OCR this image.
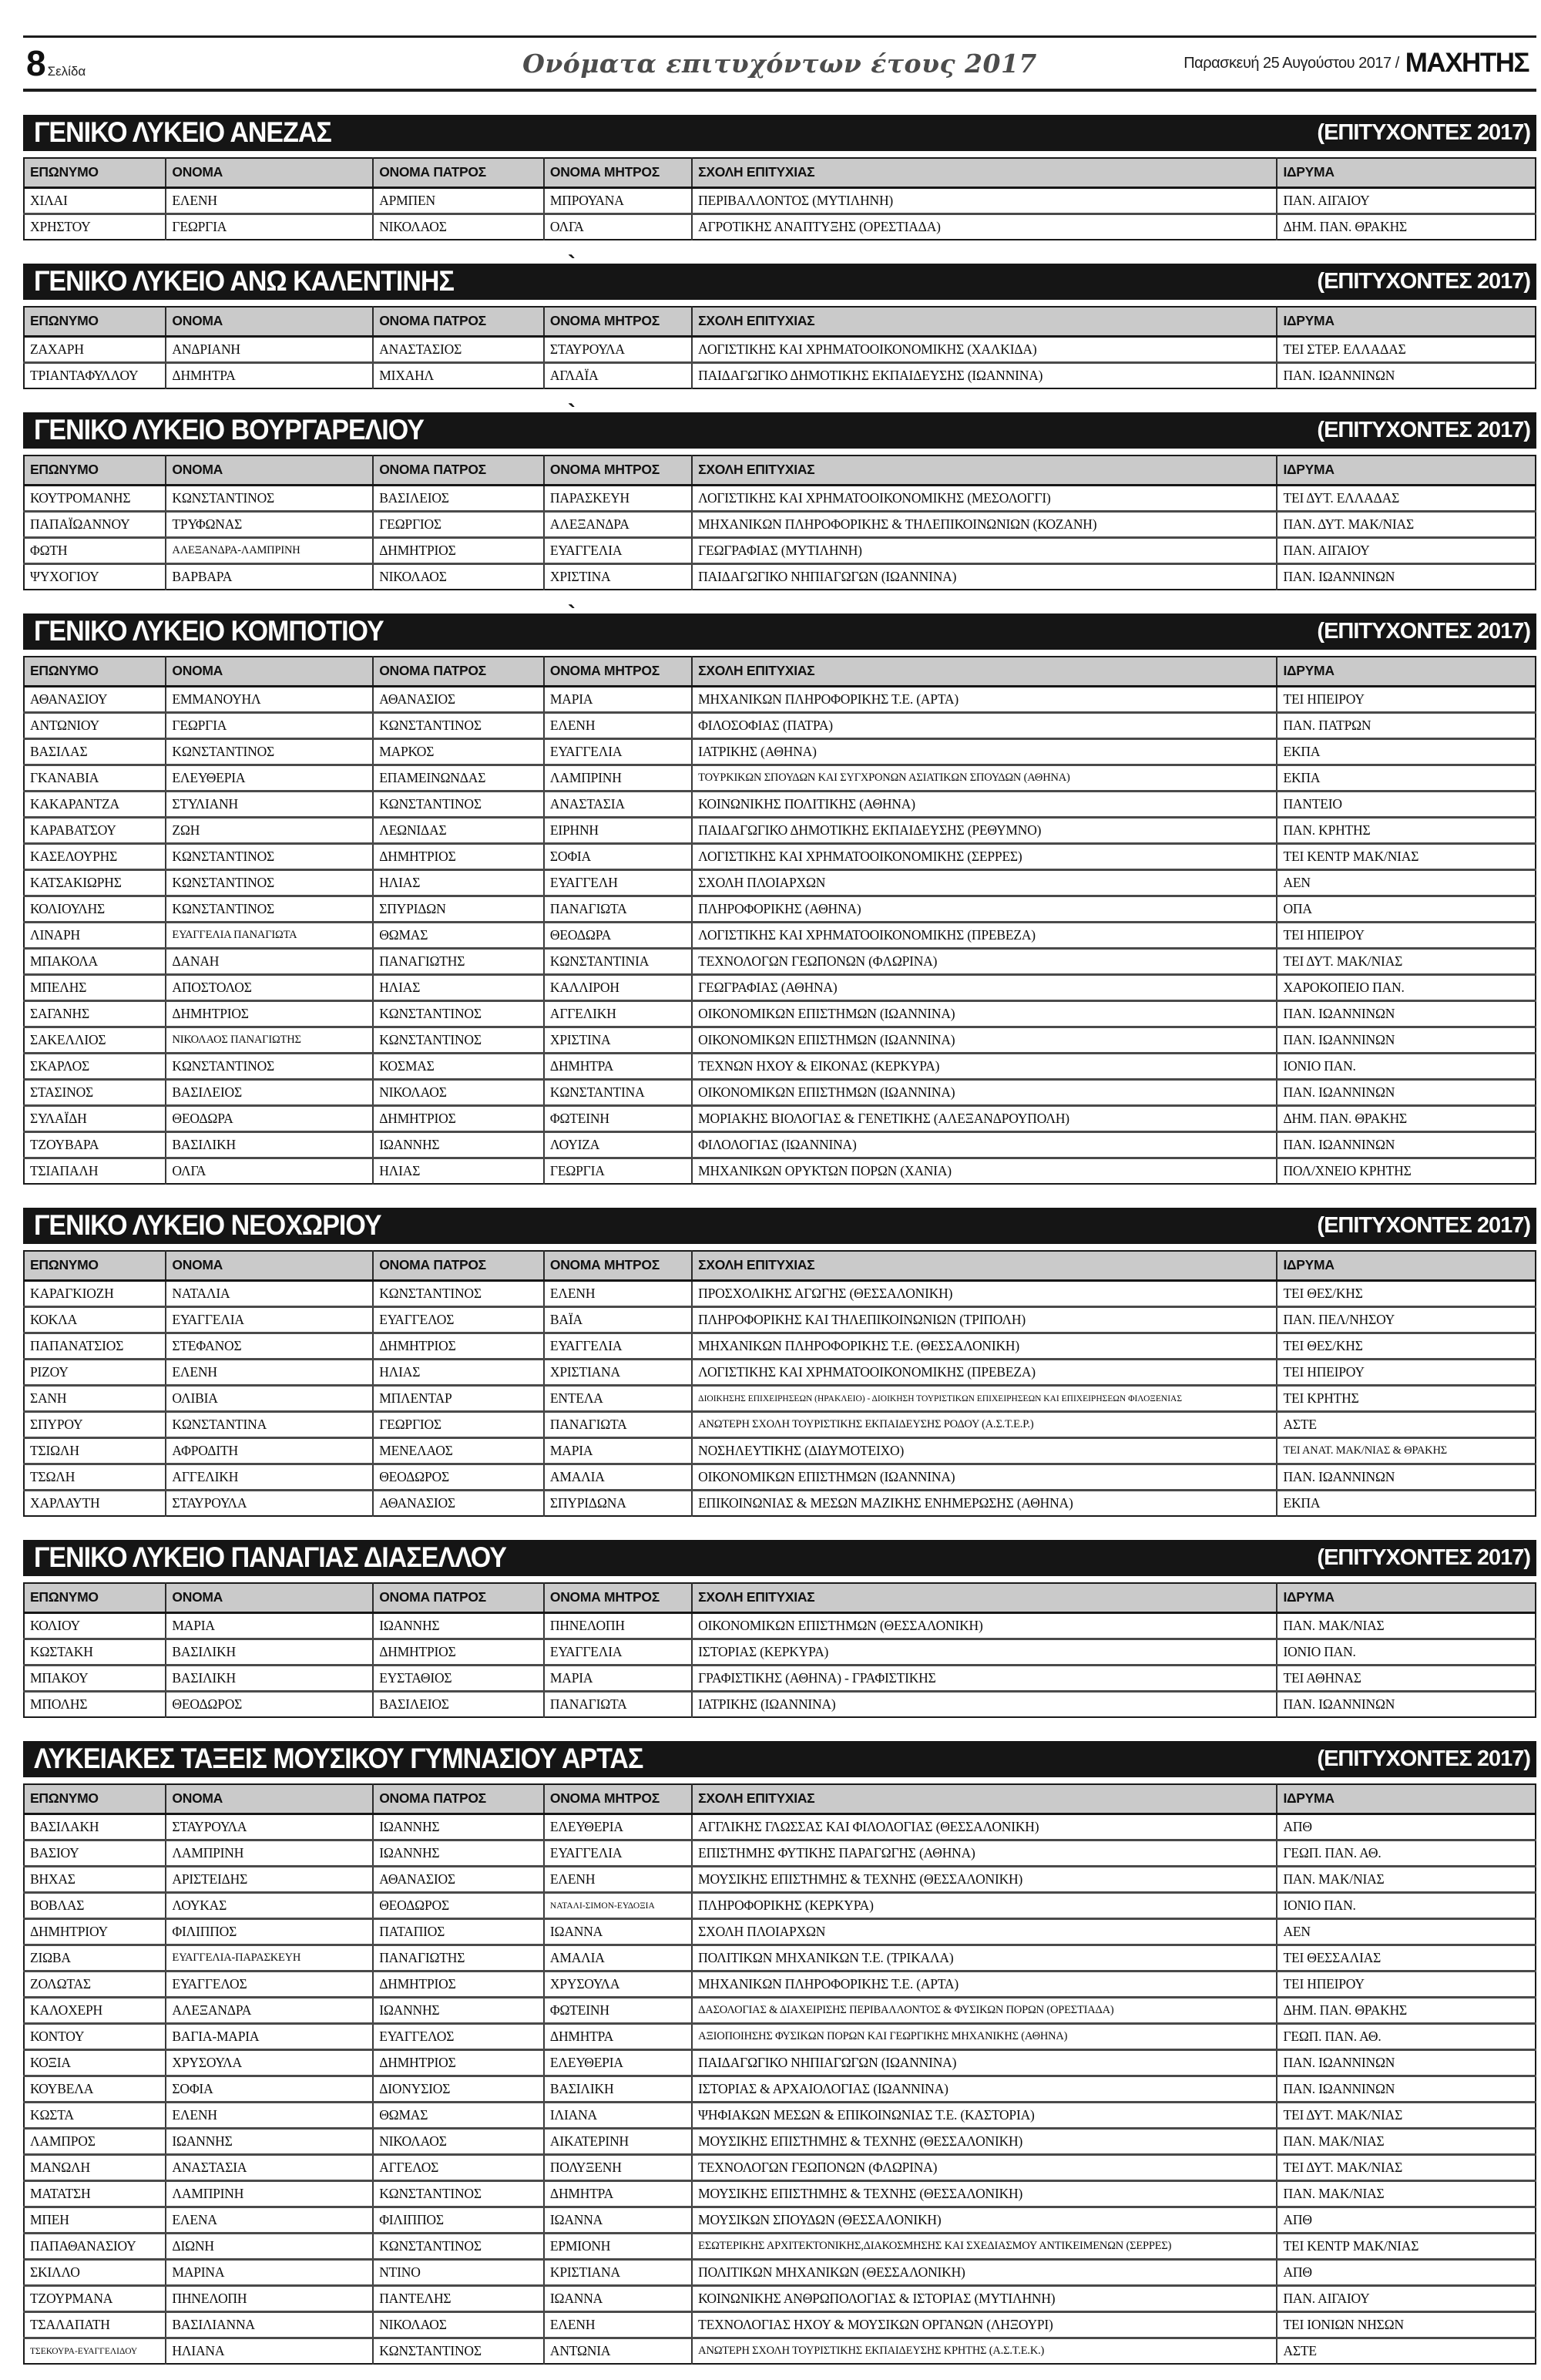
8 Σελίδα	Ονόματα επιτυχόντων έτους 2017	Παρασκευή 25 Αυγούστου 2017 / ΜΑΧΗΤΗΣ
ΓΕΝΙΚΟ ΛΥΚΕΙΟ ΑΝΕΖΑΣ	(ΕΠΙΤΥΧΟΝΤΕΣ 2017)
ΕΠΩΝΥΜΟ	ΟΝΟΜΑ	ΟΝΟΜΑ ΠΑΤΡΟΣ	ΟΝΟΜΑ ΜΗΤΡΟΣ	ΣΧΟΛΗ ΕΠΙΤΥΧΙΑΣ	ΙΔΡΥΜΑ
ΧΙΛΑΙ	ΕΛΕΝΗ	ΑΡΜΠΕΝ	ΜΠΡΟΥΑΝΑ	ΠΕΡΙΒΑΛΛΟΝΤΟΣ (ΜΥΤΙΛΗΝΗ)	ΠΑΝ. ΑΙΓΑΙΟΥ
ΧΡΗΣΤΟΥ	ΓΕΩΡΓΙΑ	ΝΙΚΟΛΑΟΣ	ΟΛΓΑ	ΑΓΡΟΤΙΚΗΣ ΑΝΑΠΤΥΞΗΣ (ΟΡΕΣΤΙΑΔΑ)	ΔΗΜ. ΠΑΝ. ΘΡΑΚΗΣ
`
ΓΕΝΙΚΟ ΛΥΚΕΙΟ ΑΝΩ ΚΑΛΕΝΤΙΝΗΣ	(ΕΠΙΤΥΧΟΝΤΕΣ 2017)
ΕΠΩΝΥΜΟ	ΟΝΟΜΑ	ΟΝΟΜΑ ΠΑΤΡΟΣ	ΟΝΟΜΑ ΜΗΤΡΟΣ	ΣΧΟΛΗ ΕΠΙΤΥΧΙΑΣ	ΙΔΡΥΜΑ
ΖΑΧΑΡΗ	ΑΝΔΡΙΑΝΗ	ΑΝΑΣΤΑΣΙΟΣ	ΣΤΑΥΡΟΥΛΑ	ΛΟΓΙΣΤΙΚΗΣ ΚΑΙ ΧΡΗΜΑΤΟΟΙΚΟΝΟΜΙΚΗΣ (ΧΑΛΚΙΔΑ)	ΤΕΙ ΣΤΕΡ. ΕΛΛΑΔΑΣ
ΤΡΙΑΝΤΑΦΥΛΛΟΥ	ΔΗΜΗΤΡΑ	ΜΙΧΑΗΛ	ΑΓΛΑΪΑ	ΠΑΙΔΑΓΩΓΙΚΟ ΔΗΜΟΤΙΚΗΣ ΕΚΠΑΙΔΕΥΣΗΣ (ΙΩΑΝΝΙΝΑ)	ΠΑΝ. ΙΩΑΝΝΙΝΩΝ
`
ΓΕΝΙΚΟ ΛΥΚΕΙΟ ΒΟΥΡΓΑΡΕΛΙΟΥ	(ΕΠΙΤΥΧΟΝΤΕΣ 2017)
ΕΠΩΝΥΜΟ	ΟΝΟΜΑ	ΟΝΟΜΑ ΠΑΤΡΟΣ	ΟΝΟΜΑ ΜΗΤΡΟΣ	ΣΧΟΛΗ ΕΠΙΤΥΧΙΑΣ	ΙΔΡΥΜΑ
ΚΟΥΤΡΟΜΑΝΗΣ	ΚΩΝΣΤΑΝΤΙΝΟΣ	ΒΑΣΙΛΕΙΟΣ	ΠΑΡΑΣΚΕΥΗ	ΛΟΓΙΣΤΙΚΗΣ ΚΑΙ ΧΡΗΜΑΤΟΟΙΚΟΝΟΜΙΚΗΣ (ΜΕΣΟΛΟΓΓΙ)	ΤΕΙ ΔΥΤ. ΕΛΛΑΔΑΣ
ΠΑΠΑΪΩΑΝΝΟΥ	ΤΡΥΦΩΝΑΣ	ΓΕΩΡΓΙΟΣ	ΑΛΕΞΑΝΔΡΑ	ΜΗΧΑΝΙΚΩΝ ΠΛΗΡΟΦΟΡΙΚΗΣ & ΤΗΛΕΠΙΚΟΙΝΩΝΙΩΝ (ΚΟΖΑΝΗ)	ΠΑΝ. ΔΥΤ. ΜΑΚ/ΝΙΑΣ
ΦΩΤΗ	ΑΛΕΞΑΝΔΡΑ-ΛΑΜΠΡΙΝΗ	ΔΗΜΗΤΡΙΟΣ	ΕΥΑΓΓΕΛΙΑ	ΓΕΩΓΡΑΦΙΑΣ (ΜΥΤΙΛΗΝΗ)	ΠΑΝ. ΑΙΓΑΙΟΥ
ΨΥΧΟΓΙΟΥ	ΒΑΡΒΑΡΑ	ΝΙΚΟΛΑΟΣ	ΧΡΙΣΤΙΝΑ	ΠΑΙΔΑΓΩΓΙΚΟ ΝΗΠΙΑΓΩΓΩΝ (ΙΩΑΝΝΙΝΑ)	ΠΑΝ. ΙΩΑΝΝΙΝΩΝ
`
ΓΕΝΙΚΟ ΛΥΚΕΙΟ ΚΟΜΠΟΤΙΟΥ	(ΕΠΙΤΥΧΟΝΤΕΣ 2017)
ΕΠΩΝΥΜΟ	ΟΝΟΜΑ	ΟΝΟΜΑ ΠΑΤΡΟΣ	ΟΝΟΜΑ ΜΗΤΡΟΣ	ΣΧΟΛΗ ΕΠΙΤΥΧΙΑΣ	ΙΔΡΥΜΑ
ΑΘΑΝΑΣΙΟΥ	ΕΜΜΑΝΟΥΗΛ	ΑΘΑΝΑΣΙΟΣ	ΜΑΡΙΑ	ΜΗΧΑΝΙΚΩΝ ΠΛΗΡΟΦΟΡΙΚΗΣ Τ.Ε. (ΑΡΤΑ)	ΤΕΙ ΗΠΕΙΡΟΥ
ΑΝΤΩΝΙΟΥ	ΓΕΩΡΓΙΑ	ΚΩΝΣΤΑΝΤΙΝΟΣ	ΕΛΕΝΗ	ΦΙΛΟΣΟΦΙΑΣ (ΠΑΤΡΑ)	ΠΑΝ. ΠΑΤΡΩΝ
ΒΑΣΙΛΑΣ	ΚΩΝΣΤΑΝΤΙΝΟΣ	ΜΑΡΚΟΣ	ΕΥΑΓΓΕΛΙΑ	ΙΑΤΡΙΚΗΣ (ΑΘΗΝΑ)	ΕΚΠΑ
ΓΚΑΝΑΒΙΑ	ΕΛΕΥΘΕΡΙΑ	ΕΠΑΜΕΙΝΩΝΔΑΣ	ΛΑΜΠΡΙΝΗ	ΤΟΥΡΚΙΚΩΝ ΣΠΟΥΔΩΝ ΚΑΙ ΣΥΓΧΡΟΝΩΝ ΑΣΙΑΤΙΚΩΝ ΣΠΟΥΔΩΝ (ΑΘΗΝΑ)	ΕΚΠΑ
ΚΑΚΑΡΑΝΤΖΑ	ΣΤΥΛΙΑΝΗ	ΚΩΝΣΤΑΝΤΙΝΟΣ	ΑΝΑΣΤΑΣΙΑ	ΚΟΙΝΩΝΙΚΗΣ ΠΟΛΙΤΙΚΗΣ (ΑΘΗΝΑ)	ΠΑΝΤΕΙΟ
ΚΑΡΑΒΑΤΣΟΥ	ΖΩΗ	ΛΕΩΝΙΔΑΣ	ΕΙΡΗΝΗ	ΠΑΙΔΑΓΩΓΙΚΟ ΔΗΜΟΤΙΚΗΣ ΕΚΠΑΙΔΕΥΣΗΣ (ΡΕΘΥΜΝΟ)	ΠΑΝ. ΚΡΗΤΗΣ
ΚΑΣΕΛΟΥΡΗΣ	ΚΩΝΣΤΑΝΤΙΝΟΣ	ΔΗΜΗΤΡΙΟΣ	ΣΟΦΙΑ	ΛΟΓΙΣΤΙΚΗΣ ΚΑΙ ΧΡΗΜΑΤΟΟΙΚΟΝΟΜΙΚΗΣ (ΣΕΡΡΕΣ)	ΤΕΙ ΚΕΝΤΡ ΜΑΚ/ΝΙΑΣ
ΚΑΤΣΑΚΙΩΡΗΣ	ΚΩΝΣΤΑΝΤΙΝΟΣ	ΗΛΙΑΣ	ΕΥΑΓΓΕΛΗ	ΣΧΟΛΗ ΠΛΟΙΑΡΧΩΝ	ΑΕΝ
ΚΟΛΙΟΥΛΗΣ	ΚΩΝΣΤΑΝΤΙΝΟΣ	ΣΠΥΡΙΔΩΝ	ΠΑΝΑΓΙΩΤΑ	ΠΛΗΡΟΦΟΡΙΚΗΣ (ΑΘΗΝΑ)	ΟΠΑ
ΛΙΝΑΡΗ	ΕΥΑΓΓΕΛΙΑ ΠΑΝΑΓΙΩΤΑ	ΘΩΜΑΣ	ΘΕΟΔΩΡΑ	ΛΟΓΙΣΤΙΚΗΣ ΚΑΙ ΧΡΗΜΑΤΟΟΙΚΟΝΟΜΙΚΗΣ (ΠΡΕΒΕΖΑ)	ΤΕΙ ΗΠΕΙΡΟΥ
ΜΠΑΚΟΛΑ	ΔΑΝΑΗ	ΠΑΝΑΓΙΩΤΗΣ	ΚΩΝΣΤΑΝΤΙΝΙΑ	ΤΕΧΝΟΛΟΓΩΝ ΓΕΩΠΟΝΩΝ (ΦΛΩΡΙΝΑ)	ΤΕΙ ΔΥΤ. ΜΑΚ/ΝΙΑΣ
ΜΠΕΛΗΣ	ΑΠΟΣΤΟΛΟΣ	ΗΛΙΑΣ	ΚΑΛΛΙΡΟΗ	ΓΕΩΓΡΑΦΙΑΣ (ΑΘΗΝΑ)	ΧΑΡΟΚΟΠΕΙΟ ΠΑΝ.
ΣΑΓΑΝΗΣ	ΔΗΜΗΤΡΙΟΣ	ΚΩΝΣΤΑΝΤΙΝΟΣ	ΑΓΓΕΛΙΚΗ	ΟΙΚΟΝΟΜΙΚΩΝ ΕΠΙΣΤΗΜΩΝ (ΙΩΑΝΝΙΝΑ)	ΠΑΝ. ΙΩΑΝΝΙΝΩΝ
ΣΑΚΕΛΛΙΟΣ	ΝΙΚΟΛΑΟΣ ΠΑΝΑΓΙΩΤΗΣ	ΚΩΝΣΤΑΝΤΙΝΟΣ	ΧΡΙΣΤΙΝΑ	ΟΙΚΟΝΟΜΙΚΩΝ ΕΠΙΣΤΗΜΩΝ (ΙΩΑΝΝΙΝΑ)	ΠΑΝ. ΙΩΑΝΝΙΝΩΝ
ΣΚΑΡΛΟΣ	ΚΩΝΣΤΑΝΤΙΝΟΣ	ΚΟΣΜΑΣ	ΔΗΜΗΤΡΑ	ΤΕΧΝΩΝ ΗΧΟΥ & ΕΙΚΟΝΑΣ (ΚΕΡΚΥΡΑ)	ΙΟΝΙΟ ΠΑΝ.
ΣΤΑΣΙΝΟΣ	ΒΑΣΙΛΕΙΟΣ	ΝΙΚΟΛΑΟΣ	ΚΩΝΣΤΑΝΤΙΝΑ	ΟΙΚΟΝΟΜΙΚΩΝ ΕΠΙΣΤΗΜΩΝ (ΙΩΑΝΝΙΝΑ)	ΠΑΝ. ΙΩΑΝΝΙΝΩΝ
ΣΥΛΑΪΔΗ	ΘΕΟΔΩΡΑ	ΔΗΜΗΤΡΙΟΣ	ΦΩΤΕΙΝΗ	ΜΟΡΙΑΚΗΣ ΒΙΟΛΟΓΙΑΣ & ΓΕΝΕΤΙΚΗΣ (ΑΛΕΞΑΝΔΡΟΥΠΟΛΗ)	ΔΗΜ. ΠΑΝ. ΘΡΑΚΗΣ
ΤΖΟΥΒΑΡΑ	ΒΑΣΙΛΙΚΗ	ΙΩΑΝΝΗΣ	ΛΟΥΙΖΑ	ΦΙΛΟΛΟΓΙΑΣ (ΙΩΑΝΝΙΝΑ)	ΠΑΝ. ΙΩΑΝΝΙΝΩΝ
ΤΣΙΑΠΑΛΗ	ΟΛΓΑ	ΗΛΙΑΣ	ΓΕΩΡΓΙΑ	ΜΗΧΑΝΙΚΩΝ ΟΡΥΚΤΩΝ ΠΟΡΩΝ (ΧΑΝΙΑ)	ΠΟΛ/ΧΝΕΙΟ ΚΡΗΤΗΣ
ΓΕΝΙΚΟ ΛΥΚΕΙΟ ΝΕΟΧΩΡΙΟΥ	(ΕΠΙΤΥΧΟΝΤΕΣ 2017)
ΕΠΩΝΥΜΟ	ΟΝΟΜΑ	ΟΝΟΜΑ ΠΑΤΡΟΣ	ΟΝΟΜΑ ΜΗΤΡΟΣ	ΣΧΟΛΗ ΕΠΙΤΥΧΙΑΣ	ΙΔΡΥΜΑ
ΚΑΡΑΓΚΙΟΖΗ	ΝΑΤΑΛΙΑ	ΚΩΝΣΤΑΝΤΙΝΟΣ	ΕΛΕΝΗ	ΠΡΟΣΧΟΛΙΚΗΣ ΑΓΩΓΗΣ (ΘΕΣΣΑΛΟΝΙΚΗ)	ΤΕΙ ΘΕΣ/ΚΗΣ
ΚΟΚΛΑ	ΕΥΑΓΓΕΛΙΑ	ΕΥΑΓΓΕΛΟΣ	ΒΑΪΑ	ΠΛΗΡΟΦΟΡΙΚΗΣ ΚΑΙ ΤΗΛΕΠΙΚΟΙΝΩΝΙΩΝ (ΤΡΙΠΟΛΗ)	ΠΑΝ. ΠΕΛ/ΝΗΣΟΥ
ΠΑΠΑΝΑΤΣΙΟΣ	ΣΤΕΦΑΝΟΣ	ΔΗΜΗΤΡΙΟΣ	ΕΥΑΓΓΕΛΙΑ	ΜΗΧΑΝΙΚΩΝ ΠΛΗΡΟΦΟΡΙΚΗΣ Τ.Ε. (ΘΕΣΣΑΛΟΝΙΚΗ)	ΤΕΙ ΘΕΣ/ΚΗΣ
ΡΙΖΟΥ	ΕΛΕΝΗ	ΗΛΙΑΣ	ΧΡΙΣΤΙΑΝΑ	ΛΟΓΙΣΤΙΚΗΣ ΚΑΙ ΧΡΗΜΑΤΟΟΙΚΟΝΟΜΙΚΗΣ (ΠΡΕΒΕΖΑ)	ΤΕΙ ΗΠΕΙΡΟΥ
ΣΑΝΗ	ΟΛΙΒΙΑ	ΜΠΛΕΝΤΑΡ	ΕΝΤΕΛΑ	ΔΙΟΙΚΗΣΗΣ ΕΠΙΧΕΙΡΗΣΕΩΝ (ΗΡΑΚΛΕΙΟ) - ΔΙΟΙΚΗΣΗ ΤΟΥΡΙΣΤΙΚΩΝ ΕΠΙΧΕΙΡΗΣΕΩΝ ΚΑΙ ΕΠΙΧΕΙΡΗΣΕΩΝ ΦΙΛΟΞΕΝΙΑΣ	ΤΕΙ ΚΡΗΤΗΣ
ΣΠΥΡΟΥ	ΚΩΝΣΤΑΝΤΙΝΑ	ΓΕΩΡΓΙΟΣ	ΠΑΝΑΓΙΩΤΑ	ΑΝΩΤΕΡΗ ΣΧΟΛΗ ΤΟΥΡΙΣΤΙΚΗΣ ΕΚΠΑΙΔΕΥΣΗΣ ΡΟΔΟΥ (Α.Σ.Τ.Ε.Ρ.)	ΑΣΤΕ
ΤΣΙΩΛΗ	ΑΦΡΟΔΙΤΗ	ΜΕΝΕΛΑΟΣ	ΜΑΡΙΑ	ΝΟΣΗΛΕΥΤΙΚΗΣ (ΔΙΔΥΜΟΤΕΙΧΟ)	ΤΕΙ ΑΝΑΤ. ΜΑΚ/ΝΙΑΣ & ΘΡΑΚΗΣ
ΤΣΩΛΗ	ΑΓΓΕΛΙΚΗ	ΘΕΟΔΩΡΟΣ	ΑΜΑΛΙΑ	ΟΙΚΟΝΟΜΙΚΩΝ ΕΠΙΣΤΗΜΩΝ (ΙΩΑΝΝΙΝΑ)	ΠΑΝ. ΙΩΑΝΝΙΝΩΝ
ΧΑΡΛΑΥΤΗ	ΣΤΑΥΡΟΥΛΑ	ΑΘΑΝΑΣΙΟΣ	ΣΠΥΡΙΔΩΝΑ	ΕΠΙΚΟΙΝΩΝΙΑΣ & ΜΕΣΩΝ ΜΑΖΙΚΗΣ ΕΝΗΜΕΡΩΣΗΣ (ΑΘΗΝΑ)	ΕΚΠΑ
ΓΕΝΙΚΟ ΛΥΚΕΙΟ ΠΑΝΑΓΙΑΣ ΔΙΑΣΕΛΛΟΥ	(ΕΠΙΤΥΧΟΝΤΕΣ 2017)
ΕΠΩΝΥΜΟ	ΟΝΟΜΑ	ΟΝΟΜΑ ΠΑΤΡΟΣ	ΟΝΟΜΑ ΜΗΤΡΟΣ	ΣΧΟΛΗ ΕΠΙΤΥΧΙΑΣ	ΙΔΡΥΜΑ
ΚΟΛΙΟΥ	ΜΑΡΙΑ	ΙΩΑΝΝΗΣ	ΠΗΝΕΛΟΠΗ	ΟΙΚΟΝΟΜΙΚΩΝ ΕΠΙΣΤΗΜΩΝ (ΘΕΣΣΑΛΟΝΙΚΗ)	ΠΑΝ. ΜΑΚ/ΝΙΑΣ
ΚΩΣΤΑΚΗ	ΒΑΣΙΛΙΚΗ	ΔΗΜΗΤΡΙΟΣ	ΕΥΑΓΓΕΛΙΑ	ΙΣΤΟΡΙΑΣ (ΚΕΡΚΥΡΑ)	ΙΟΝΙΟ ΠΑΝ.
ΜΠΑΚΟΥ	ΒΑΣΙΛΙΚΗ	ΕΥΣΤΑΘΙΟΣ	ΜΑΡΙΑ	ΓΡΑΦΙΣΤΙΚΗΣ (ΑΘΗΝΑ) - ΓΡΑΦΙΣΤΙΚΗΣ	ΤΕΙ ΑΘΗΝΑΣ
ΜΠΟΛΗΣ	ΘΕΟΔΩΡΟΣ	ΒΑΣΙΛΕΙΟΣ	ΠΑΝΑΓΙΩΤΑ	ΙΑΤΡΙΚΗΣ (ΙΩΑΝΝΙΝΑ)	ΠΑΝ. ΙΩΑΝΝΙΝΩΝ
ΛΥΚΕΙΑΚΕΣ ΤΑΞΕΙΣ ΜΟΥΣΙΚΟΥ ΓΥΜΝΑΣΙΟΥ ΑΡΤΑΣ	(ΕΠΙΤΥΧΟΝΤΕΣ 2017)
ΕΠΩΝΥΜΟ	ΟΝΟΜΑ	ΟΝΟΜΑ ΠΑΤΡΟΣ	ΟΝΟΜΑ ΜΗΤΡΟΣ	ΣΧΟΛΗ ΕΠΙΤΥΧΙΑΣ	ΙΔΡΥΜΑ
ΒΑΣΙΛΑΚΗ	ΣΤΑΥΡΟΥΛΑ	ΙΩΑΝΝΗΣ	ΕΛΕΥΘΕΡΙΑ	ΑΓΓΛΙΚΗΣ ΓΛΩΣΣΑΣ ΚΑΙ ΦΙΛΟΛΟΓΙΑΣ (ΘΕΣΣΑΛΟΝΙΚΗ)	ΑΠΘ
ΒΑΣΙΟΥ	ΛΑΜΠΡΙΝΗ	ΙΩΑΝΝΗΣ	ΕΥΑΓΓΕΛΙΑ	ΕΠΙΣΤΗΜΗΣ ΦΥΤΙΚΗΣ ΠΑΡΑΓΩΓΗΣ (ΑΘΗΝΑ)	ΓΕΩΠ. ΠΑΝ. ΑΘ.
ΒΗΧΑΣ	ΑΡΙΣΤΕΙΔΗΣ	ΑΘΑΝΑΣΙΟΣ	ΕΛΕΝΗ	ΜΟΥΣΙΚΗΣ ΕΠΙΣΤΗΜΗΣ & ΤΕΧΝΗΣ (ΘΕΣΣΑΛΟΝΙΚΗ)	ΠΑΝ. ΜΑΚ/ΝΙΑΣ
ΒΟΒΛΑΣ	ΛΟΥΚΑΣ	ΘΕΟΔΩΡΟΣ	ΝΑΤΑΛΙ-ΣΙΜΟΝ-ΕΥΔΟΞΙΑ	ΠΛΗΡΟΦΟΡΙΚΗΣ (ΚΕΡΚΥΡΑ)	ΙΟΝΙΟ ΠΑΝ.
ΔΗΜΗΤΡΙΟΥ	ΦΙΛΙΠΠΟΣ	ΠΑΤΑΠΙΟΣ	ΙΩΑΝΝΑ	ΣΧΟΛΗ ΠΛΟΙΑΡΧΩΝ	ΑΕΝ
ΖΙΩΒΑ	ΕΥΑΓΓΕΛΙΑ-ΠΑΡΑΣΚΕΥΗ	ΠΑΝΑΓΙΩΤΗΣ	ΑΜΑΛΙΑ	ΠΟΛΙΤΙΚΩΝ ΜΗΧΑΝΙΚΩΝ Τ.Ε. (ΤΡΙΚΑΛΑ)	ΤΕΙ ΘΕΣΣΑΛΙΑΣ
ΖΟΛΩΤΑΣ	ΕΥΑΓΓΕΛΟΣ	ΔΗΜΗΤΡΙΟΣ	ΧΡΥΣΟΥΛΑ	ΜΗΧΑΝΙΚΩΝ ΠΛΗΡΟΦΟΡΙΚΗΣ Τ.Ε. (ΑΡΤΑ)	ΤΕΙ ΗΠΕΙΡΟΥ
ΚΑΛΟΧΕΡΗ	ΑΛΕΞΑΝΔΡΑ	ΙΩΑΝΝΗΣ	ΦΩΤΕΙΝΗ	ΔΑΣΟΛΟΓΙΑΣ & ΔΙΑΧΕΙΡΙΣΗΣ ΠΕΡΙΒΑΛΛΟΝΤΟΣ & ΦΥΣΙΚΩΝ ΠΟΡΩΝ (ΟΡΕΣΤΙΑΔΑ)	ΔΗΜ. ΠΑΝ. ΘΡΑΚΗΣ
ΚΟΝΤΟΥ	ΒΑΓΙΑ-ΜΑΡΙΑ	ΕΥΑΓΓΕΛΟΣ	ΔΗΜΗΤΡΑ	ΑΞΙΟΠΟΙΗΣΗΣ ΦΥΣΙΚΩΝ ΠΟΡΩΝ ΚΑΙ ΓΕΩΡΓΙΚΗΣ ΜΗΧΑΝΙΚΗΣ (ΑΘΗΝΑ)	ΓΕΩΠ. ΠΑΝ. ΑΘ.
ΚΟΞΙΑ	ΧΡΥΣΟΥΛΑ	ΔΗΜΗΤΡΙΟΣ	ΕΛΕΥΘΕΡΙΑ	ΠΑΙΔΑΓΩΓΙΚΟ ΝΗΠΙΑΓΩΓΩΝ (ΙΩΑΝΝΙΝΑ)	ΠΑΝ. ΙΩΑΝΝΙΝΩΝ
ΚΟΥΒΕΛΑ	ΣΟΦΙΑ	ΔΙΟΝΥΣΙΟΣ	ΒΑΣΙΛΙΚΗ	ΙΣΤΟΡΙΑΣ & ΑΡΧΑΙΟΛΟΓΙΑΣ (ΙΩΑΝΝΙΝΑ)	ΠΑΝ. ΙΩΑΝΝΙΝΩΝ
ΚΩΣΤΑ	ΕΛΕΝΗ	ΘΩΜΑΣ	ΙΛΙΑΝΑ	ΨΗΦΙΑΚΩΝ ΜΕΣΩΝ & ΕΠΙΚΟΙΝΩΝΙΑΣ Τ.Ε. (ΚΑΣΤΟΡΙΑ)	ΤΕΙ ΔΥΤ. ΜΑΚ/ΝΙΑΣ
ΛΑΜΠΡΟΣ	ΙΩΑΝΝΗΣ	ΝΙΚΟΛΑΟΣ	ΑΙΚΑΤΕΡΙΝΗ	ΜΟΥΣΙΚΗΣ ΕΠΙΣΤΗΜΗΣ & ΤΕΧΝΗΣ (ΘΕΣΣΑΛΟΝΙΚΗ)	ΠΑΝ. ΜΑΚ/ΝΙΑΣ
ΜΑΝΩΛΗ	ΑΝΑΣΤΑΣΙΑ	ΑΓΓΕΛΟΣ	ΠΟΛΥΞΕΝΗ	ΤΕΧΝΟΛΟΓΩΝ ΓΕΩΠΟΝΩΝ (ΦΛΩΡΙΝΑ)	ΤΕΙ ΔΥΤ. ΜΑΚ/ΝΙΑΣ
ΜΑΤΑΤΣΗ	ΛΑΜΠΡΙΝΗ	ΚΩΝΣΤΑΝΤΙΝΟΣ	ΔΗΜΗΤΡΑ	ΜΟΥΣΙΚΗΣ ΕΠΙΣΤΗΜΗΣ & ΤΕΧΝΗΣ (ΘΕΣΣΑΛΟΝΙΚΗ)	ΠΑΝ. ΜΑΚ/ΝΙΑΣ
ΜΠΕΗ	ΕΛΕΝΑ	ΦΙΛΙΠΠΟΣ	ΙΩΑΝΝΑ	ΜΟΥΣΙΚΩΝ ΣΠΟΥΔΩΝ (ΘΕΣΣΑΛΟΝΙΚΗ)	ΑΠΘ
ΠΑΠΑΘΑΝΑΣΙΟΥ	ΔΙΩΝΗ	ΚΩΝΣΤΑΝΤΙΝΟΣ	ΕΡΜΙΟΝΗ	ΕΣΩΤΕΡΙΚΗΣ ΑΡΧΙΤΕΚΤΟΝΙΚΗΣ,ΔΙΑΚΟΣΜΗΣΗΣ ΚΑΙ ΣΧΕΔΙΑΣΜΟΥ ΑΝΤΙΚΕΙΜΕΝΩΝ (ΣΕΡΡΕΣ)	ΤΕΙ ΚΕΝΤΡ ΜΑΚ/ΝΙΑΣ
ΣΚΙΛΛΟ	ΜΑΡΙΝΑ	ΝΤΙΝΟ	ΚΡΙΣΤΙΑΝΑ	ΠΟΛΙΤΙΚΩΝ ΜΗΧΑΝΙΚΩΝ (ΘΕΣΣΑΛΟΝΙΚΗ)	ΑΠΘ
ΤΖΟΥΡΜΑΝΑ	ΠΗΝΕΛΟΠΗ	ΠΑΝΤΕΛΗΣ	ΙΩΑΝΝΑ	ΚΟΙΝΩΝΙΚΗΣ ΑΝΘΡΩΠΟΛΟΓΙΑΣ & ΙΣΤΟΡΙΑΣ (ΜΥΤΙΛΗΝΗ)	ΠΑΝ. ΑΙΓΑΙΟΥ
ΤΣΑΛΑΠΑΤΗ	ΒΑΣΙΛΙΑΝΝΑ	ΝΙΚΟΛΑΟΣ	ΕΛΕΝΗ	ΤΕΧΝΟΛΟΓΙΑΣ ΗΧΟΥ & ΜΟΥΣΙΚΩΝ ΟΡΓΑΝΩΝ (ΛΗΞΟΥΡΙ)	ΤΕΙ ΙΟΝΙΩΝ ΝΗΣΩΝ
ΤΣΕΚΟΥΡΑ-ΕΥΑΓΓΕΛΙΔΟΥ	ΗΛΙΑΝΑ	ΚΩΝΣΤΑΝΤΙΝΟΣ	ΑΝΤΩΝΙΑ	ΑΝΩΤΕΡΗ ΣΧΟΛΗ ΤΟΥΡΙΣΤΙΚΗΣ ΕΚΠΑΙΔΕΥΣΗΣ ΚΡΗΤΗΣ (Α.Σ.Τ.Ε.Κ.)	ΑΣΤΕ
